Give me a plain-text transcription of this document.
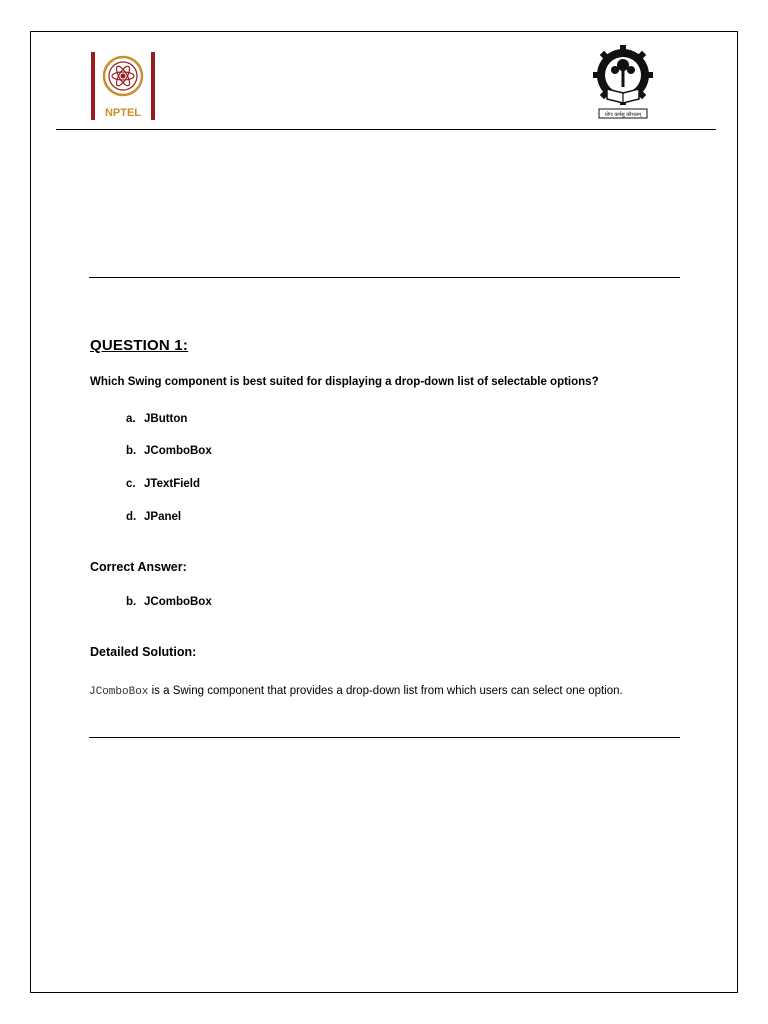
NPTEL	योगः कर्मसु कौशलम्
QUESTION 1:
Which Swing component is best suited for displaying a drop-down list of selectable options?
a. JButton
b. JComboBox
c. JTextField
d. JPanel
Correct Answer:
b. JComboBox
Detailed Solution:
JComboBox is a Swing component that provides a drop-down list from which users can select one option.
